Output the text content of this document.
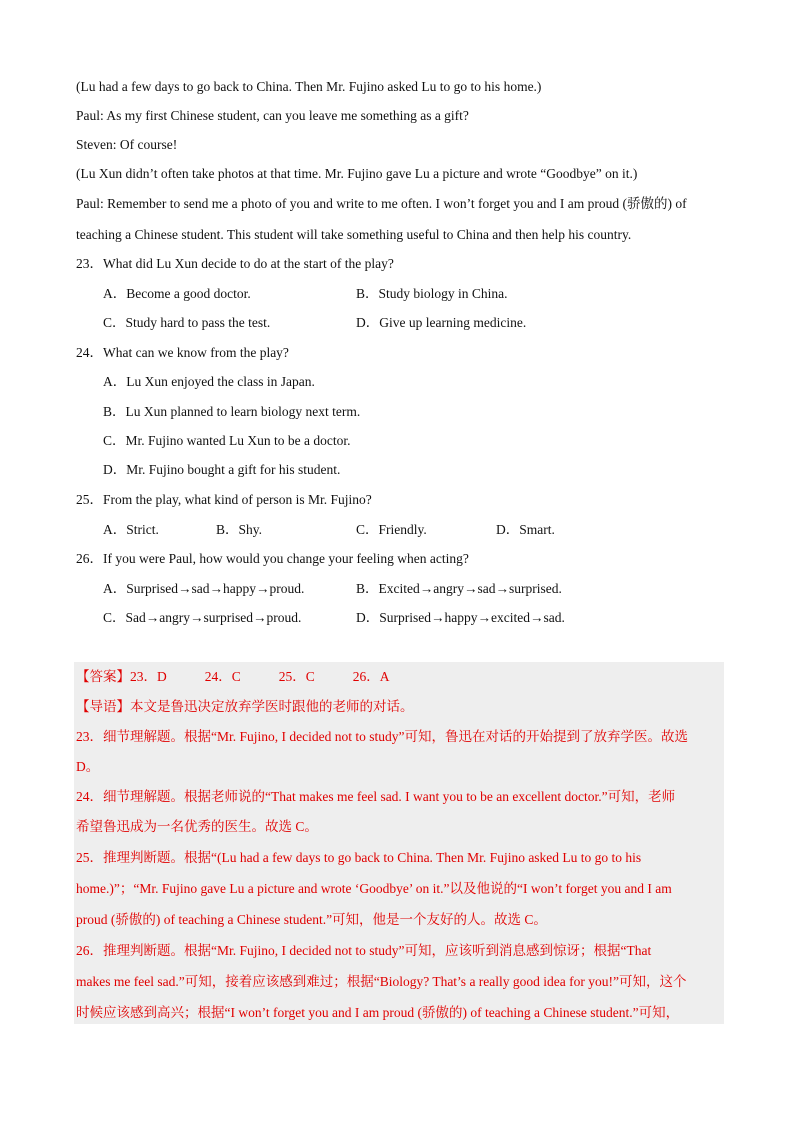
(Lu had a few days to go back to China. Then Mr. Fujino asked Lu to go to his home.)
Paul: As my first Chinese student, can you leave me something as a gift?
Steven: Of course!
(Lu Xun didn’t often take photos at that time. Mr. Fujino gave Lu a picture and wrote “Goodbye” on it.)
Paul: Remember to send me a photo of you and write to me often. I won’t forget you and I am proud (骄傲的) of
teaching a Chinese student. This student will take something useful to China and then help his country.
23．What did Lu Xun decide to do at the start of the play?
A．Become a good doctor.	B．Study biology in China.
C．Study hard to pass the test.	D．Give up learning medicine.
24．What can we know from the play?
A．Lu Xun enjoyed the class in Japan.
B．Lu Xun planned to learn biology next term.
C．Mr. Fujino wanted Lu Xun to be a doctor.
D．Mr. Fujino bought a gift for his student.
25．From the play, what kind of person is Mr. Fujino?
A．Strict.	B．Shy.	C．Friendly.	D．Smart.
26．If you were Paul, how would you change your feeling when acting?
A．Surprised→sad→happy→proud.	B．Excited→angry→sad→surprised.
C．Sad→angry→surprised→proud.	D．Surprised→happy→excited→sad.
【答案】23．D	24．C	25．C	26．A
【导语】本文是鲁迅决定放弃学医时跟他的老师的对话。
23．细节理解题。根据“Mr. Fujino, I decided not to study”可知，鲁迅在对话的开始提到了放弃学医。故选
D。
24．细节理解题。根据老师说的“That makes me feel sad. I want you to be an excellent doctor.”可知，老师
希望鲁迅成为一名优秀的医生。故选 C。
25．推理判断题。根据“(Lu had a few days to go back to China. Then Mr. Fujino asked Lu to go to his
home.)”；“Mr. Fujino gave Lu a picture and wrote ‘Goodbye’ on it.”以及他说的“I won’t forget you and I am
proud (骄傲的) of teaching a Chinese student.”可知，他是一个友好的人。故选 C。
26．推理判断题。根据“Mr. Fujino, I decided not to study”可知，应该听到消息感到惊讶；根据“That
makes me feel sad.”可知，接着应该感到难过；根据“Biology? That’s a really good idea for you!”可知，这个
时候应该感到高兴；根据“I won’t forget you and I am proud (骄傲的) of teaching a Chinese student.”可知，
